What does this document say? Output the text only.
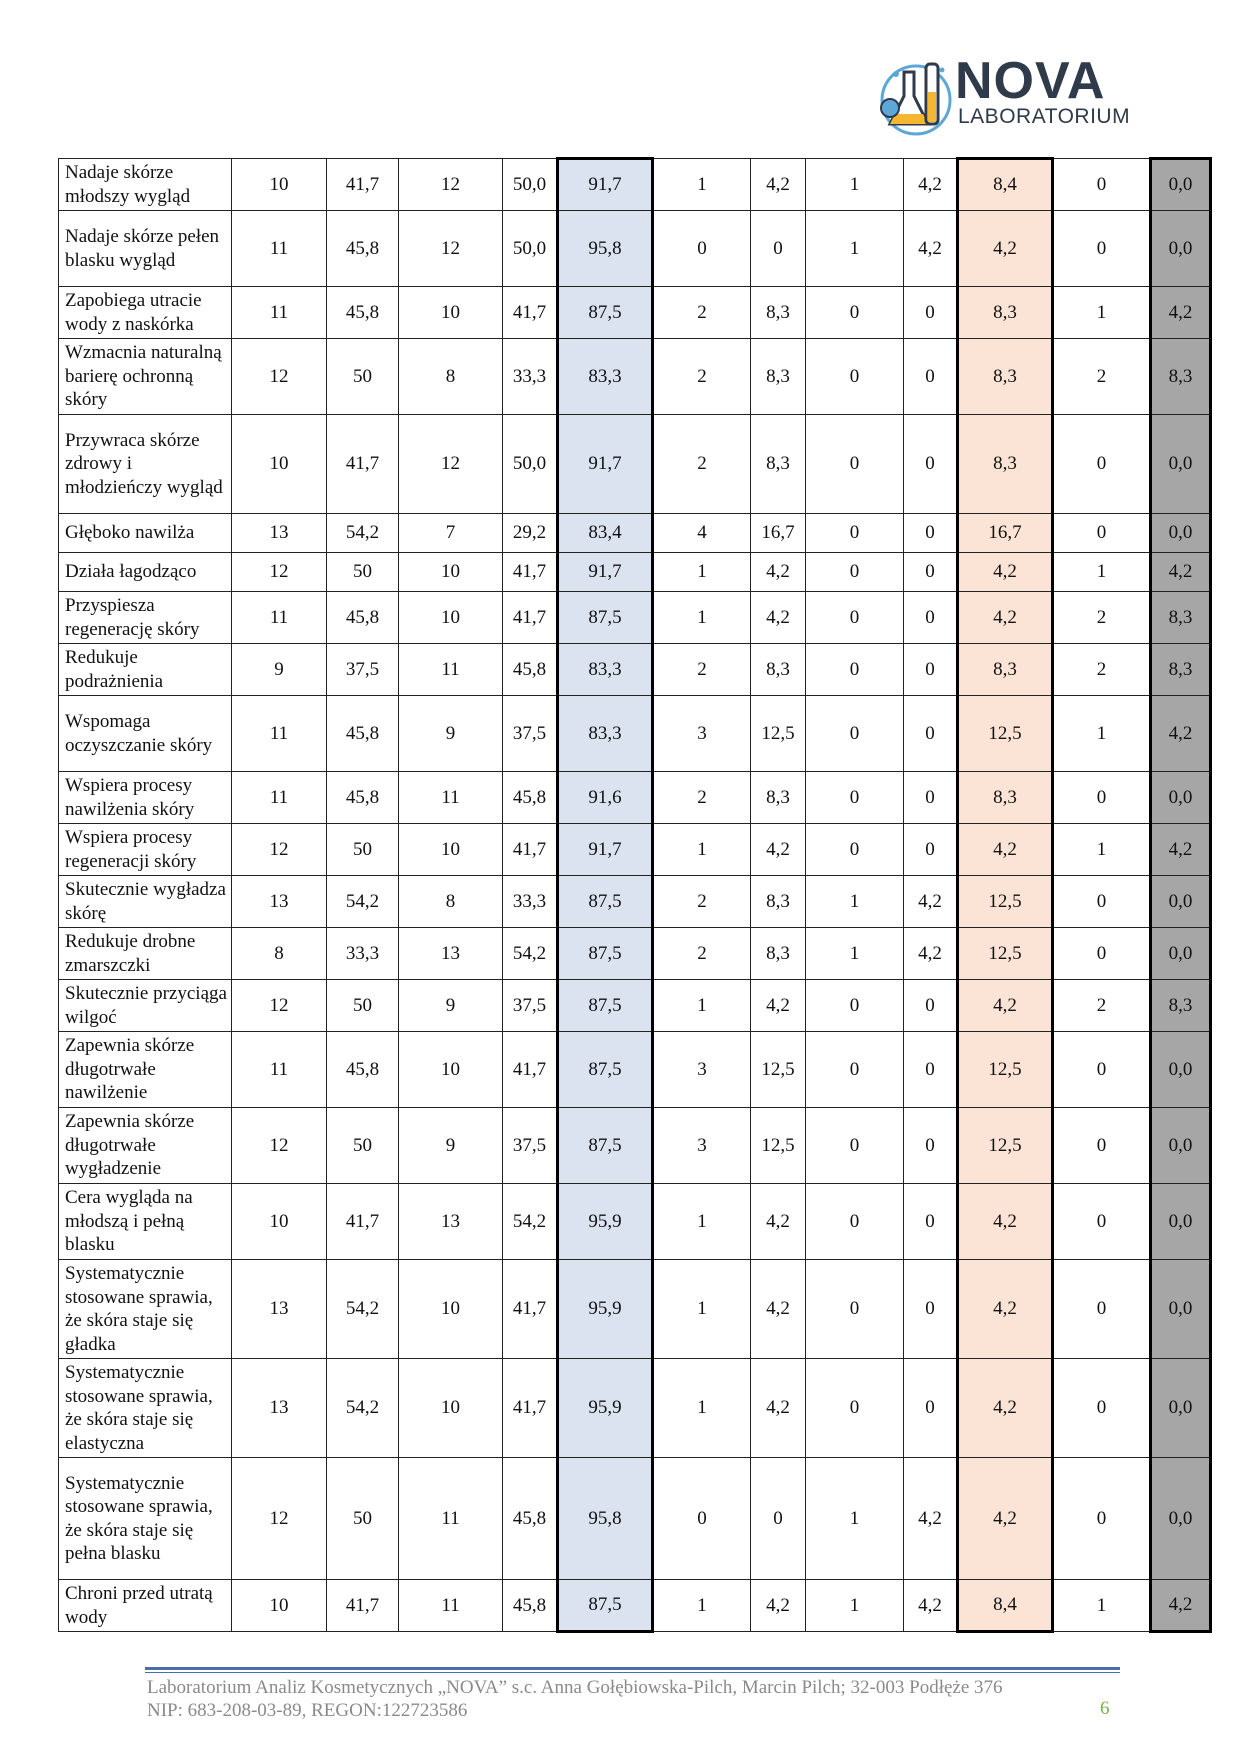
NOVA
LABORATORIUM
Nadaje skórze młodszy wygląd	10	41,7	12	50,0	91,7	1	4,2	1	4,2	8,4	0	0,0
Nadaje skórze pełen blasku wygląd	11	45,8	12	50,0	95,8	0	0	1	4,2	4,2	0	0,0
Zapobiega utracie wody z naskórka	11	45,8	10	41,7	87,5	2	8,3	0	0	8,3	1	4,2
Wzmacnia naturalną barierę ochronną skóry	12	50	8	33,3	83,3	2	8,3	0	0	8,3	2	8,3
Przywraca skórze zdrowy i młodzieńczy wygląd	10	41,7	12	50,0	91,7	2	8,3	0	0	8,3	0	0,0
Głęboko nawilża	13	54,2	7	29,2	83,4	4	16,7	0	0	16,7	0	0,0
Działa łagodząco	12	50	10	41,7	91,7	1	4,2	0	0	4,2	1	4,2
Przyspiesza regenerację skóry	11	45,8	10	41,7	87,5	1	4,2	0	0	4,2	2	8,3
Redukuje podrażnienia	9	37,5	11	45,8	83,3	2	8,3	0	0	8,3	2	8,3
Wspomaga oczyszczanie skóry	11	45,8	9	37,5	83,3	3	12,5	0	0	12,5	1	4,2
Wspiera procesy nawilżenia skóry	11	45,8	11	45,8	91,6	2	8,3	0	0	8,3	0	0,0
Wspiera procesy regeneracji skóry	12	50	10	41,7	91,7	1	4,2	0	0	4,2	1	4,2
Skutecznie wygładza skórę	13	54,2	8	33,3	87,5	2	8,3	1	4,2	12,5	0	0,0
Redukuje drobne zmarszczki	8	33,3	13	54,2	87,5	2	8,3	1	4,2	12,5	0	0,0
Skutecznie przyciąga wilgoć	12	50	9	37,5	87,5	1	4,2	0	0	4,2	2	8,3
Zapewnia skórze długotrwałe nawilżenie	11	45,8	10	41,7	87,5	3	12,5	0	0	12,5	0	0,0
Zapewnia skórze długotrwałe wygładzenie	12	50	9	37,5	87,5	3	12,5	0	0	12,5	0	0,0
Cera wygląda na młodszą i pełną blasku	10	41,7	13	54,2	95,9	1	4,2	0	0	4,2	0	0,0
Systematycznie stosowane sprawia, że skóra staje się gładka	13	54,2	10	41,7	95,9	1	4,2	0	0	4,2	0	0,0
Systematycznie stosowane sprawia, że skóra staje się elastyczna	13	54,2	10	41,7	95,9	1	4,2	0	0	4,2	0	0,0
Systematycznie stosowane sprawia, że skóra staje się pełna blasku	12	50	11	45,8	95,8	0	0	1	4,2	4,2	0	0,0
Chroni przed utratą wody	10	41,7	11	45,8	87,5	1	4,2	1	4,2	8,4	1	4,2
Laboratorium Analiz Kosmetycznych „NOVA” s.c. Anna Gołębiowska-Pilch, Marcin Pilch; 32-003 Podłęże 376
NIP: 683-208-03-89, REGON:122723586	6
